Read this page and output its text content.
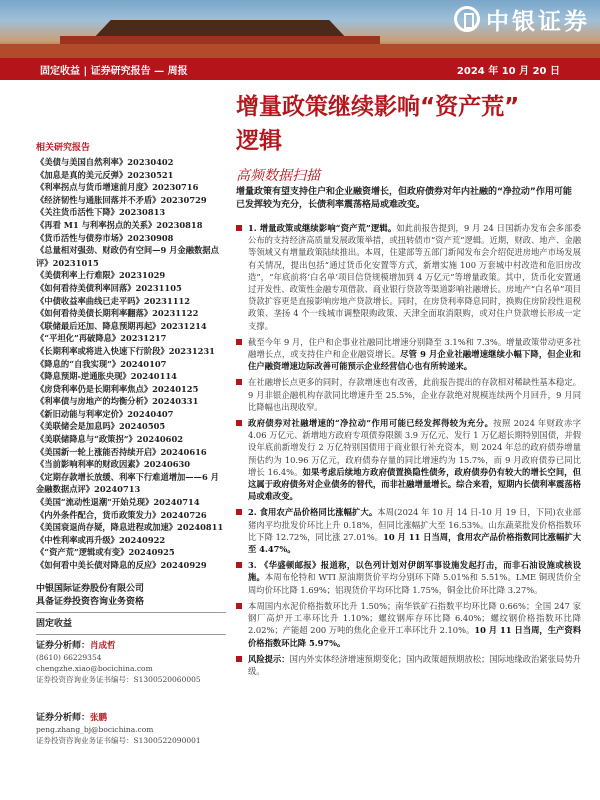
中银证券
固定收益 | 证券研究报告 — 周报	2024 年 10 月 20 日
增量政策继续影响“资产荒”
逻辑
高频数据扫描
相关研究报告
《美债与美国自然利率》20230402
《加息是真的美元反弹》20230521
《利率拐点与货币增速前月度》20230716
《经济韧性与通胀回落并不矛盾》20230729
《关注货币活性下降》20230813
《再看 M1 与利率拐点的关系》20230818
《货币活性与债券市场》20230908
《总量相对强劲、财政仍有空间—9 月金融数据点评》20231015
《美债利率上行难限》20231029
《如何看待美债利率回落》20231105
《中债收益率曲线已走平吗》20231112
《如何看待美债长期利率翻落》20231122
《联储最后还加、降息预期再起》20231214
《“平坦化”再破降息》20231217
《长期利率或将进入快速下行阶段》20231231
《降息的“自我实现”》20240107
《降息预期-逆通胀央现》20240114
《房贷利率仍是长期利率焦点》20240125
《利率债与房地产的均衡分析》20240331
《新旧动能与利率定价》20240407
《美联储会是加息吗》20240505
《美联储降息与“政策拐”》20240602
《美国新一轮上涨能否持续开启》20240616
《当前影响利率的财政因素》20240630
《定期存款增长放缓、利率下行难道增加——6 月金融数据点评》20240713
《美国“流动性退潮”开始兑现》20240714
《内外条件配合，货币政策发力》20240726
《美国衰退尚存疑，降息进程或加速》20240811
《中性利率或再升级》20240922
《“资产荒”逻辑或有变》20240925
《如何看中美长债对降息的反应》20240929
中银国际证券股份有限公司
具备证券投资咨询业务资格
固定收益
证券分析师：肖成哲
(8610) 66229354
chengzhe.xiao@bocichina.com
证券投资咨询业务证书编号：S1300520060005
证券分析师：张鹏
peng.zhang_bj@bocichina.com
证券投资咨询业务证书编号：S1300522090001
增量政策有望支持住户和企业融资增长，但政府债券对年内社融的“净拉动”作用可能已发挥较为充分，长债利率震荡格局或难改变。
1. 增量政策或继续影响“资产荒”逻辑。如此前报告提到，9 月 24 日国新办发布会多部委公布的支持经济高质量发展政策举措，或扭转债市“资产荒”逻辑。近期，财政、地产、金融等领域又有增量政策陆续推出。本周，住建部等五部门新闻发布会介绍促进房地产市场发展有关情况，提出包括“通过货币化安置等方式，新增实施 100 万套城中村改造和危旧房改造”，“年底前将‘白名单’项目信贷规模增加到 4 万亿元”等增量政策。其中，货币化安置通过开发性、政策性金融专项借款、商业银行贷款等渠道影响社融增长。房地产“白名单”项目贷款扩容更是直接影响房地产贷款增长。同时，在房贷利率降息同时，换购住房阶段性退税政策、垄扬 4 个一线城市调整限购政策、天津全面取消限购，或对住户贷款增长形成一定支撑。
截至今年 9 月，住户和企事业社融同比增速分别降至 3.1%和 7.3%。增量政策带动更多社融增长点，或支持住户和企业融资增长。尽管 9 月企业社融增速继续小幅下降，但企业和住户融资增速边际改善可能预示企业经营信心也有所转递来。
在社融增长点更多的同时，存款增速也有改善，此前报告提出的存款相对稀缺性基本稳定。9 月非银企融机构存款同比增速升至 25.5%，企业存款绝对规模连续两个月回升，9 月同比降幅也出现收窄。
政府债券对社融增速的“净拉动”作用可能已经发挥得较为充分。按照 2024 年财政赤字 4.06 万亿元、新增地方政府专项债券限额 3.9 万亿元、发行 1 万亿超长期特别国债，并假设年底前新增发行 2 万亿特别国债用于商业银行补充资本，则 2024 年总的政府债券增量预估约为 10.96 万亿元，政府债券存量的同比增速约为 15.7%，而 9 月政府债券已同比增长 16.4%。如果考虑后续地方政府债置换隐性债务，政府债券仍有较大的增长空间，但这属于政府债务对企业债务的替代，而非社融增量增长。综合来看，短期内长债利率震荡格局或难改变。
2. 食用农产品价格同比涨幅扩大。本周(2024 年 10 月 14 日-10 月 19 日，下同)农业部猪肉平均批发价环比上升 0.18%，但同比涨幅扩大至 16.53%。山东蔬菜批发价格指数环比下降 12.72%，同比涨 27.01%。10 月 11 日当周，食用农产品价格指数同比涨幅扩大至 4.47%。
3. 《华盛顿邮报》报道称，以色列计划对伊朗军事设施发起打击，而非石油设施或核设施。本周布伦特和 WTI 原油期货价平均分别环下降 5.01%和 5.51%。LME 铜现货价全周均价环比降 1.69%；铝现货价平均环比降 1.75%，铜金比价环比降 3.27%。
本周国内水泥价格指数环比升 1.50%；南华铁矿石指数平均环比降 0.66%；全国 247 家钢厂高炉开工率环比升 1.10%；螺纹钢库存环比降 6.40%；螺纹钢价格指数环比降 2.02%；产能超 200 万吨的焦化企业开工率环比升 2.10%。10 月 11 日当周，生产资料价格指数环比降 5.97%。
风险提示：国内外实体经济增速预期变化；国内政策超预期放松；国际地缘政治紧张局势升级。
